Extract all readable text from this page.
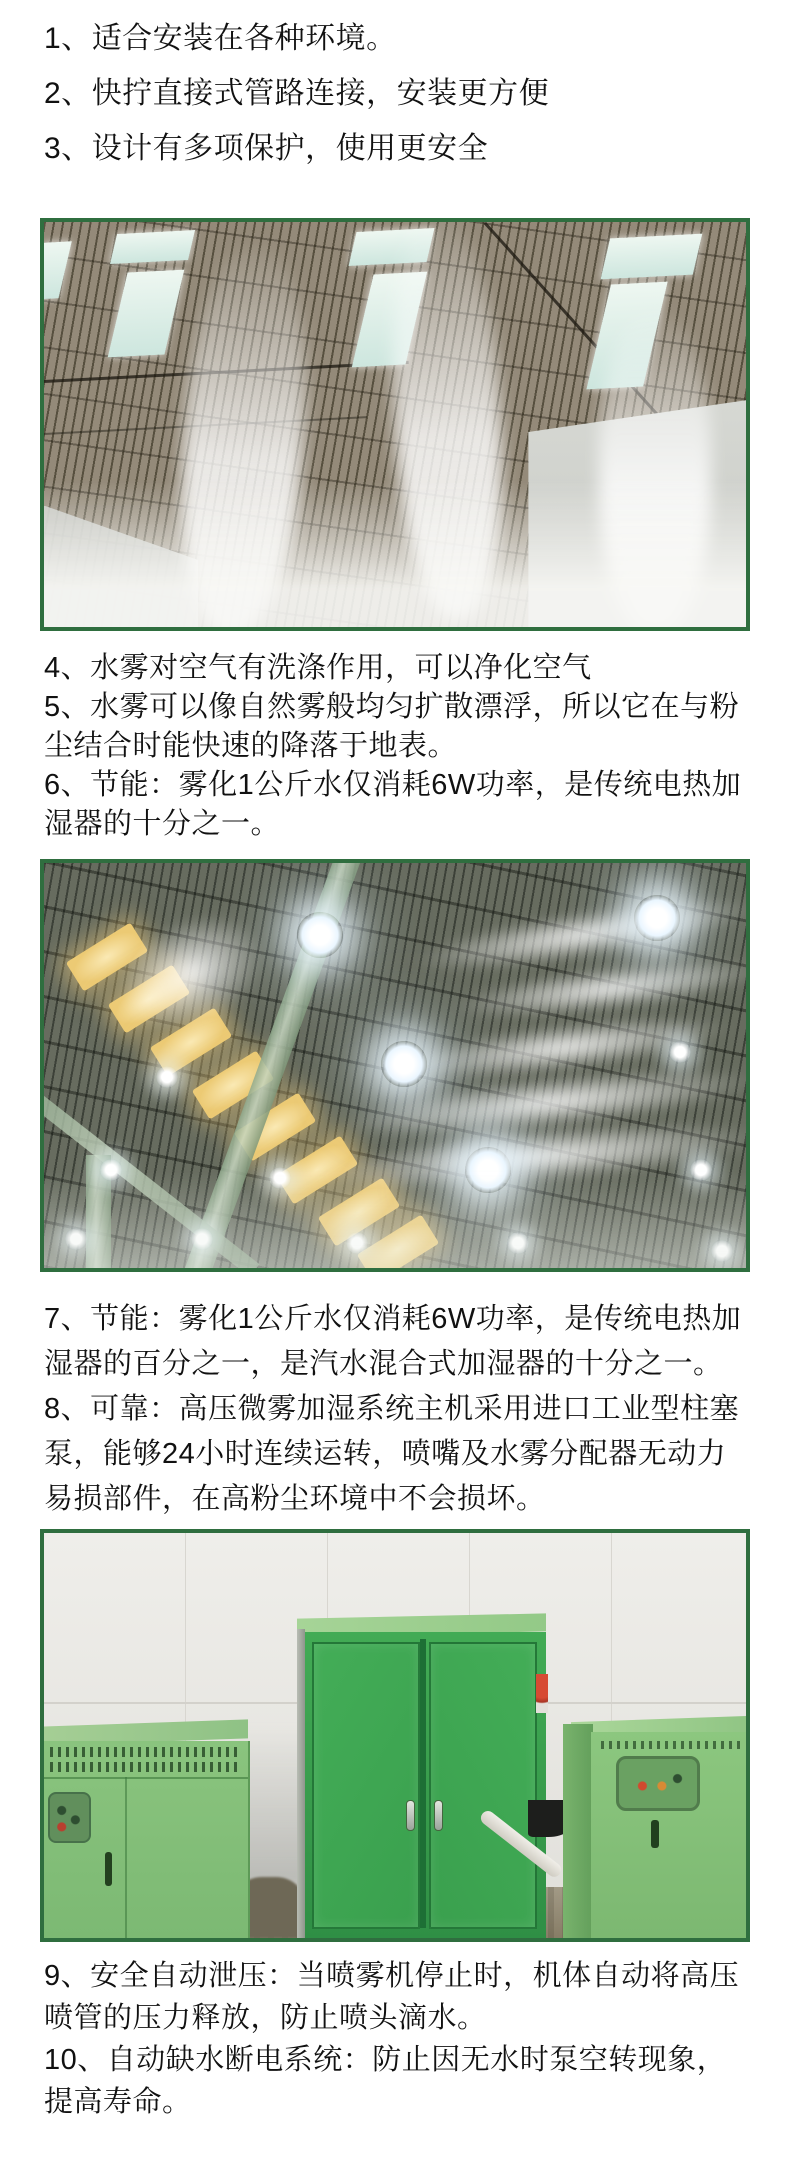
1、适合安装在各种环境。

2、快拧直接式管路连接，安装更方便

3、设计有多项保护，使用更安全

4、水雾对空气有洗涤作用，可以净化空气

5、水雾可以像自然雾般均匀扩散漂浮，所以它在与粉尘结合时能快速的降落于地表。

6、节能：雾化1公斤水仅消耗6W功率，是传统电热加湿器的十分之一。

7、节能：雾化1公斤水仅消耗6W功率，是传统电热加湿器的百分之一，是汽水混合式加湿器的十分之一。

8、可靠：高压微雾加湿系统主机采用进口工业型柱塞泵，能够24小时连续运转，喷嘴及水雾分配器无动力易损部件，在高粉尘环境中不会损坏。

9、安全自动泄压：当喷雾机停止时，机体自动将高压喷管的压力释放，防止喷头滴水。

10、自动缺水断电系统：防止因无水时泵空转现象，提高寿命。
